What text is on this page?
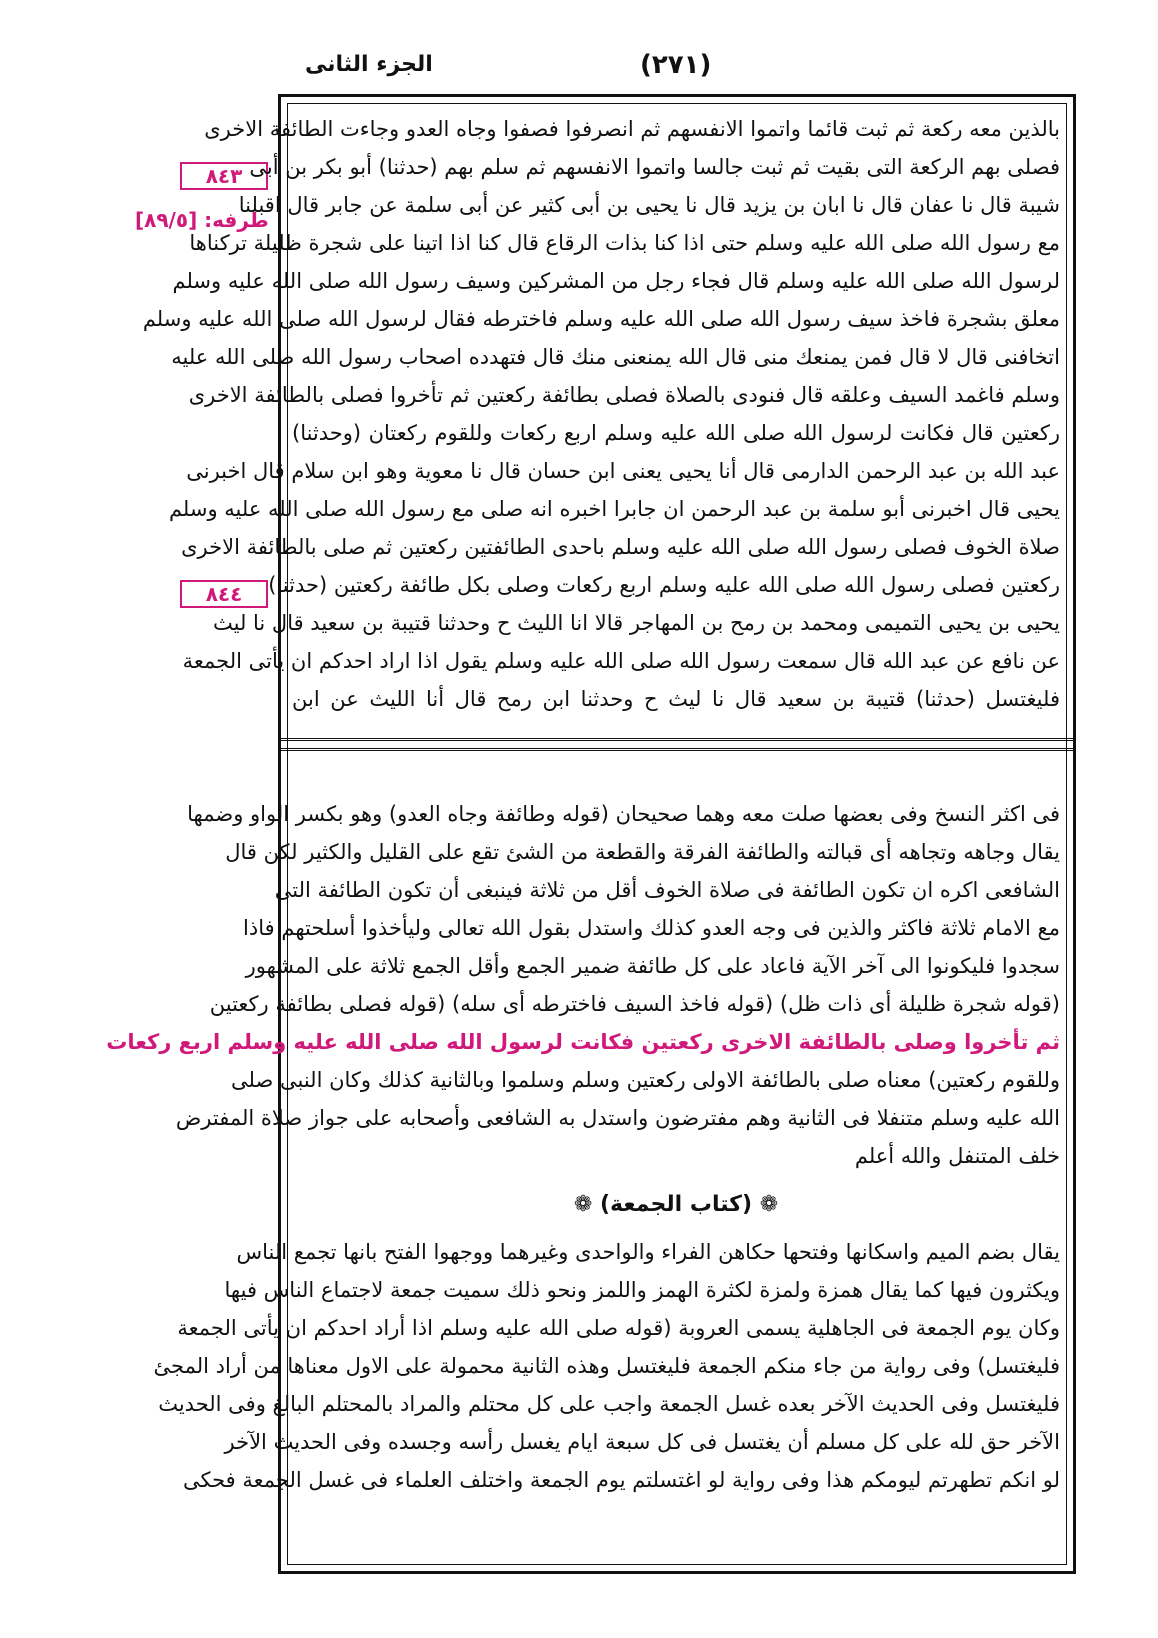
الجزء الثانى	(٢٧١)
٨٤٣
طرفه: [٨٩/٥]
٨٤٤
بالذين معه ركعة ثم ثبت قائما واتموا الانفسهم ثم انصرفوا فصفوا وجاه العدو وجاءت الطائفة الاخرى
فصلى بهم الركعة التى بقيت ثم ثبت جالسا واتموا الانفسهم ثم سلم بهم (حدثنا) أبو بكر بن أبى
شيبة قال نا عفان قال نا ابان بن يزيد قال نا يحيى بن أبى كثير عن أبى سلمة عن جابر قال اقبلنا
مع رسول الله صلى الله عليه وسلم حتى اذا كنا بذات الرقاع قال كنا اذا اتينا على شجرة ظليلة تركناها
لرسول الله صلى الله عليه وسلم قال فجاء رجل من المشركين وسيف رسول الله صلى الله عليه وسلم
معلق بشجرة فاخذ سيف رسول الله صلى الله عليه وسلم فاخترطه فقال لرسول الله صلى الله عليه وسلم
اتخافنى قال لا قال فمن يمنعك منى قال الله يمنعنى منك قال فتهدده اصحاب رسول الله صلى الله عليه
وسلم فاغمد السيف وعلقه قال فنودى بالصلاة فصلى بطائفة ركعتين ثم تأخروا فصلى بالطائفة الاخرى
ركعتين قال فكانت لرسول الله صلى الله عليه وسلم اربع ركعات وللقوم ركعتان (وحدثنا)
عبد الله بن عبد الرحمن الدارمى قال أنا يحيى يعنى ابن حسان قال نا معوية وهو ابن سلام قال اخبرنى
يحيى قال اخبرنى أبو سلمة بن عبد الرحمن ان جابرا اخبره انه صلى مع رسول الله صلى الله عليه وسلم
صلاة الخوف فصلى رسول الله صلى الله عليه وسلم باحدى الطائفتين ركعتين ثم صلى بالطائفة الاخرى
ركعتين فصلى رسول الله صلى الله عليه وسلم اربع ركعات وصلى بكل طائفة ركعتين (حدثنا)
يحيى بن يحيى التميمى ومحمد بن رمح بن المهاجر قالا انا الليث ح وحدثنا قتيبة بن سعيد قال نا ليث
عن نافع عن عبد الله قال سمعت رسول الله صلى الله عليه وسلم يقول اذا اراد احدكم ان يأتى الجمعة
فليغتسل (حدثنا) قتيبة بن سعيد قال نا ليث ح وحدثنا ابن رمح قال أنا الليث عن ابن
فى اكثر النسخ وفى بعضها صلت معه وهما صحيحان (قوله وطائفة وجاه العدو) وهو بكسر الواو وضمها
يقال وجاهه وتجاهه أى قبالته والطائفة الفرقة والقطعة من الشئ تقع على القليل والكثير لكن قال
الشافعى اكره ان تكون الطائفة فى صلاة الخوف أقل من ثلاثة فينبغى أن تكون الطائفة التى
مع الامام ثلاثة فاكثر والذين فى وجه العدو كذلك واستدل بقول الله تعالى وليأخذوا أسلحتهم فاذا
سجدوا فليكونوا الى آخر الآية فاعاد على كل طائفة ضمير الجمع وأقل الجمع ثلاثة على المشهور
(قوله شجرة ظليلة أى ذات ظل) (قوله فاخذ السيف فاخترطه أى سله) (قوله فصلى بطائفة ركعتين
ثم تأخروا وصلى بالطائفة الاخرى ركعتين فكانت لرسول الله صلى الله عليه وسلم اربع ركعات
وللقوم ركعتين) معناه صلى بالطائفة الاولى ركعتين وسلم وسلموا وبالثانية كذلك وكان النبى صلى
الله عليه وسلم متنفلا فى الثانية وهم مفترضون واستدل به الشافعى وأصحابه على جواز صلاة المفترض
خلف المتنفل والله أعلم
❁ (كتاب الجمعة) ❁
يقال بضم الميم واسكانها وفتحها حكاهن الفراء والواحدى وغيرهما ووجهوا الفتح بانها تجمع الناس
ويكثرون فيها كما يقال همزة ولمزة لكثرة الهمز واللمز ونحو ذلك سميت جمعة لاجتماع الناس فيها
وكان يوم الجمعة فى الجاهلية يسمى العروبة (قوله صلى الله عليه وسلم اذا أراد احدكم ان يأتى الجمعة
فليغتسل) وفى رواية من جاء منكم الجمعة فليغتسل وهذه الثانية محمولة على الاول معناها من أراد المجئ
فليغتسل وفى الحديث الآخر بعده غسل الجمعة واجب على كل محتلم والمراد بالمحتلم البالغ وفى الحديث
الآخر حق لله على كل مسلم أن يغتسل فى كل سبعة ايام يغسل رأسه وجسده وفى الحديث الآخر
لو انكم تطهرتم ليومكم هذا وفى رواية لو اغتسلتم يوم الجمعة واختلف العلماء فى غسل الجمعة فحكى
